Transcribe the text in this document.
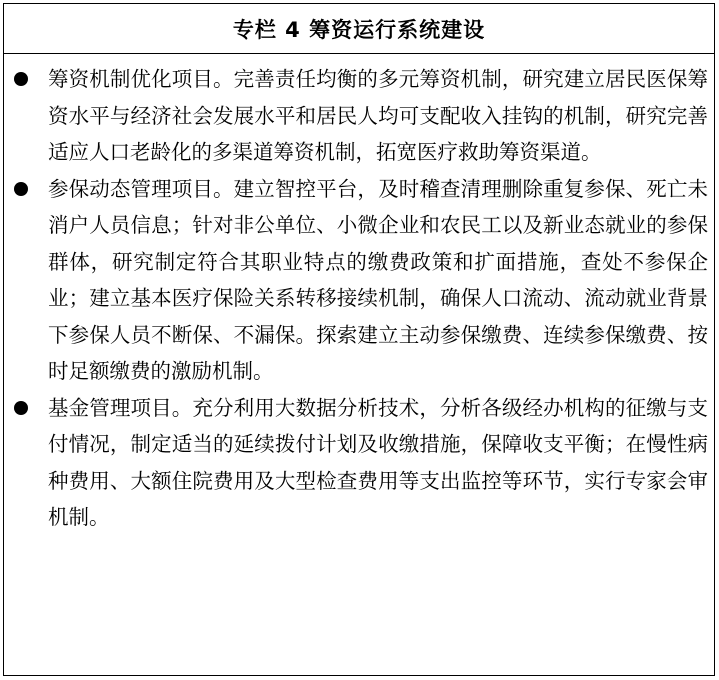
专栏 4 筹资运行系统建设
筹资机制优化项目。完善责任均衡的多元筹资机制，研究建立居民医保筹资水平与经济社会发展水平和居民人均可支配收入挂钩的机制，研究完善适应人口老龄化的多渠道筹资机制，拓宽医疗救助筹资渠道。
参保动态管理项目。建立智控平台，及时稽查清理删除重复参保、死亡未消户人员信息；针对非公单位、小微企业和农民工以及新业态就业的参保群体，研究制定符合其职业特点的缴费政策和扩面措施，查处不参保企业；建立基本医疗保险关系转移接续机制，确保人口流动、流动就业背景下参保人员不断保、不漏保。探索建立主动参保缴费、连续参保缴费、按时足额缴费的激励机制。
基金管理项目。充分利用大数据分析技术，分析各级经办机构的征缴与支付情况，制定适当的延续拨付计划及收缴措施，保障收支平衡；在慢性病种费用、大额住院费用及大型检查费用等支出监控等环节，实行专家会审机制。
